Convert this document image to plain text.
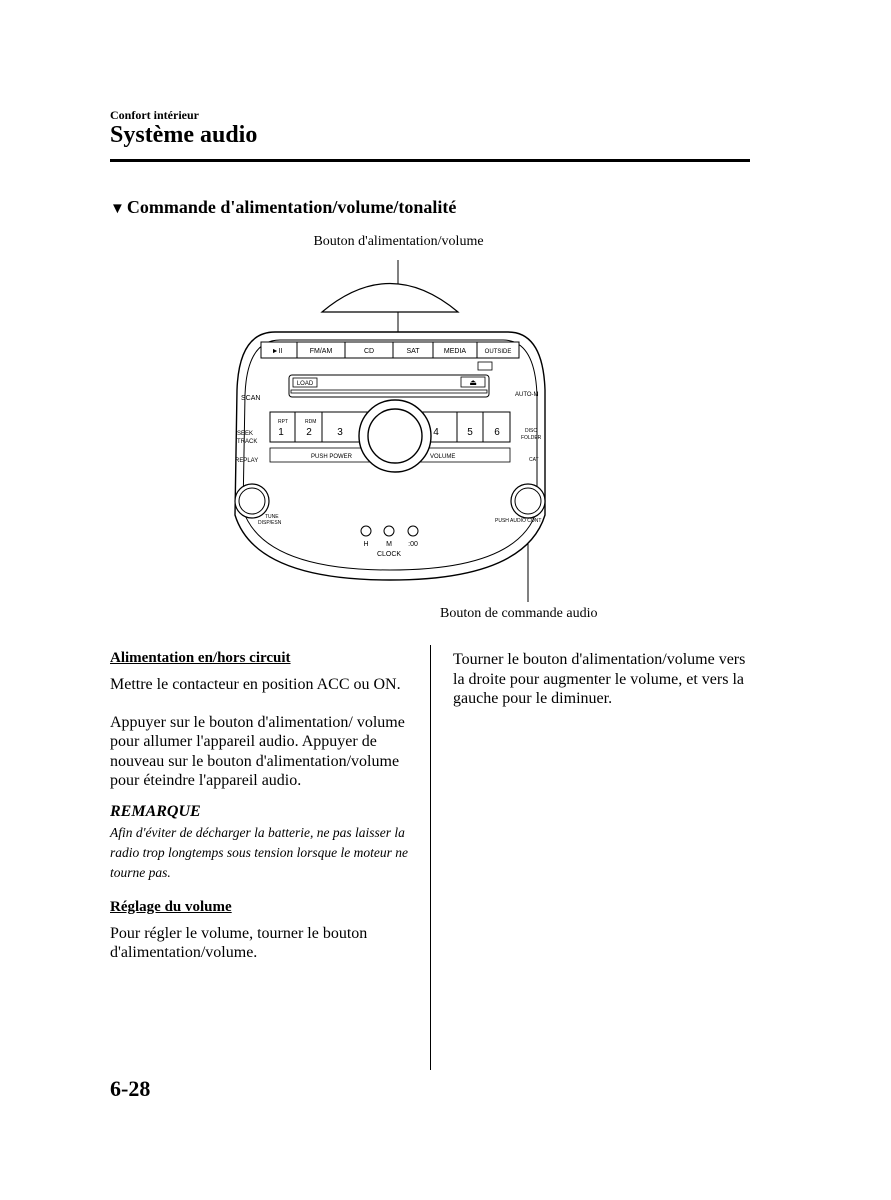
Confort intérieur
Système audio
▼ Commande d'alimentation/volume/tonalité
Bouton d'alimentation/volume
►II	FM/AM	CD	SAT	MEDIA	OUTSIDE
LOAD	⏏
SCAN	AUTO-M
SEEK
TRACK
REPLAY
DISC
FOLDER
CAT
RPT	RDM
1 2	3	4	5 6
PUSH POWER	VOLUME
TUNE
DISP/ESN	PUSH AUDIO CONT
H	M :00
CLOCK
Bouton de commande audio
Alimentation en/hors circuit

Mettre le contacteur en position ACC ou ON.

Appuyer sur le bouton d'alimentation/ volume pour allumer l'appareil audio. Appuyer de nouveau sur le bouton d'alimentation/volume pour éteindre l'appareil audio.

REMARQUE
Afin d'éviter de décharger la batterie, ne pas laisser la radio trop longtemps sous tension lorsque le moteur ne tourne pas.
Réglage du volume

Pour régler le volume, tourner le bouton d'alimentation/volume.

Tourner le bouton d'alimentation/volume vers la droite pour augmenter le volume, et vers la gauche pour le diminuer.

6-28
